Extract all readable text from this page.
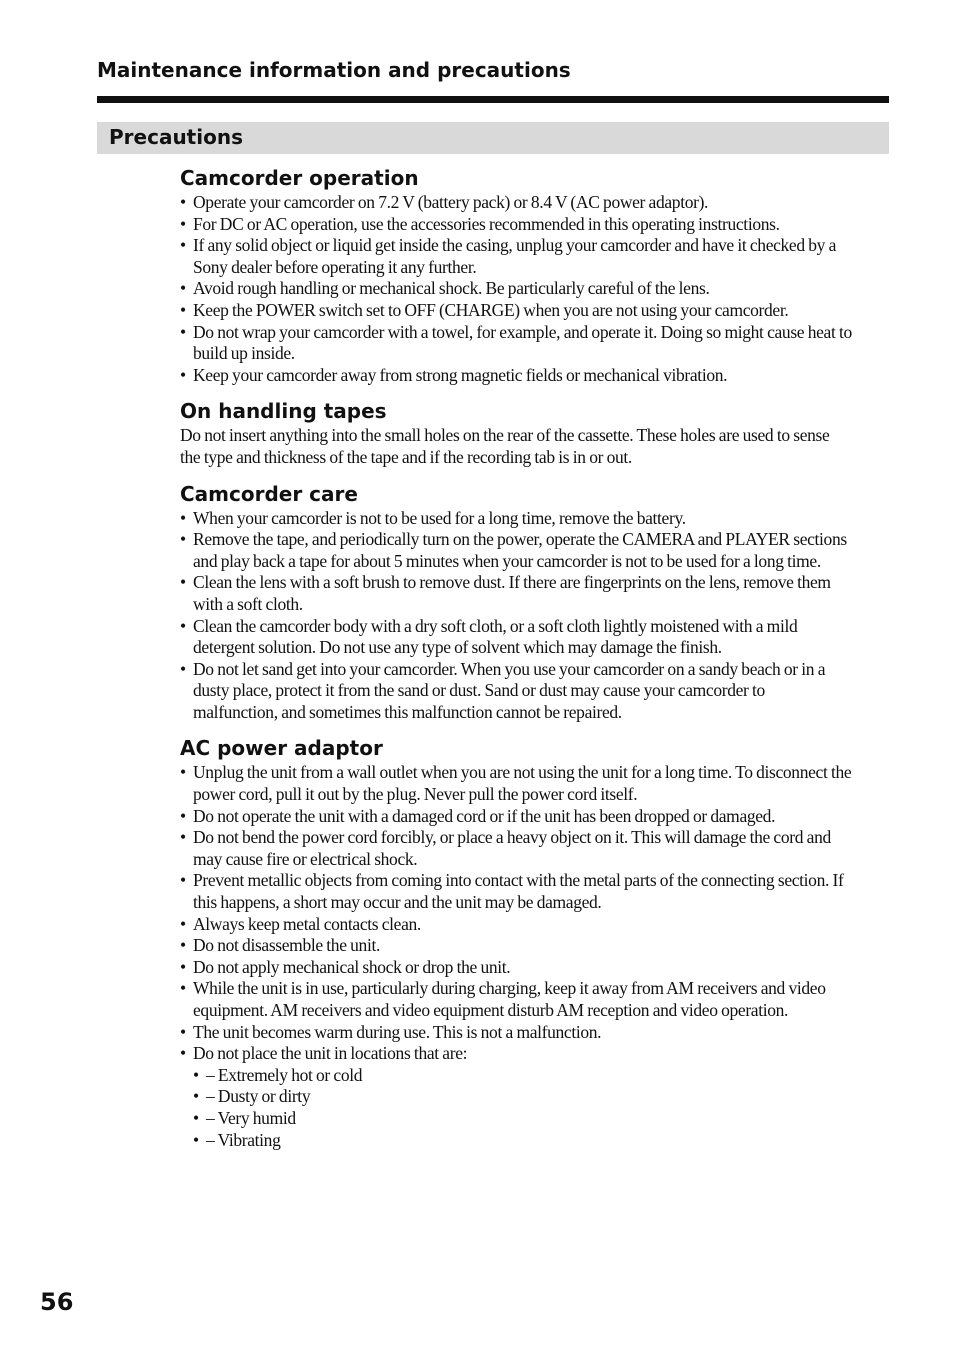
Maintenance information and precautions
Precautions
Camcorder operation
• Operate your camcorder on 7.2 V (battery pack) or 8.4 V (AC power adaptor).
• For DC or AC operation, use the accessories recommended in this operating instructions.
• If any solid object or liquid get inside the casing, unplug your camcorder and have it checked by a Sony dealer before operating it any further.
• Avoid rough handling or mechanical shock. Be particularly careful of the lens.
• Keep the POWER switch set to OFF (CHARGE) when you are not using your camcorder.
• Do not wrap your camcorder with a towel, for example, and operate it. Doing so might cause heat to build up inside.
• Keep your camcorder away from strong magnetic fields or mechanical vibration.
On handling tapes

Do not insert anything into the small holes on the rear of the cassette. These holes are used to sense the type and thickness of the tape and if the recording tab is in or out.

Camcorder care
• When your camcorder is not to be used for a long time, remove the battery.
• Remove the tape, and periodically turn on the power, operate the CAMERA and PLAYER sections and play back a tape for about 5 minutes when your camcorder is not to be used for a long time.
• Clean the lens with a soft brush to remove dust. If there are fingerprints on the lens, remove them with a soft cloth.
• Clean the camcorder body with a dry soft cloth, or a soft cloth lightly moistened with a mild detergent solution. Do not use any type of solvent which may damage the finish.
• Do not let sand get into your camcorder. When you use your camcorder on a sandy beach or in a dusty place, protect it from the sand or dust. Sand or dust may cause your camcorder to malfunction, and sometimes this malfunction cannot be repaired.
AC power adaptor
• Unplug the unit from a wall outlet when you are not using the unit for a long time. To disconnect the power cord, pull it out by the plug. Never pull the power cord itself.
• Do not operate the unit with a damaged cord or if the unit has been dropped or damaged.
• Do not bend the power cord forcibly, or place a heavy object on it. This will damage the cord and may cause fire or electrical shock.
• Prevent metallic objects from coming into contact with the metal parts of the connecting section. If this happens, a short may occur and the unit may be damaged.
• Always keep metal contacts clean.
• Do not disassemble the unit.
• Do not apply mechanical shock or drop the unit.
• While the unit is in use, particularly during charging, keep it away from AM receivers and video equipment. AM receivers and video equipment disturb AM reception and video operation.
• The unit becomes warm during use. This is not a malfunction.
• Do not place the unit in locations that are:
• – Extremely hot or cold
• – Dusty or dirty
• – Very humid
• – Vibrating
56
